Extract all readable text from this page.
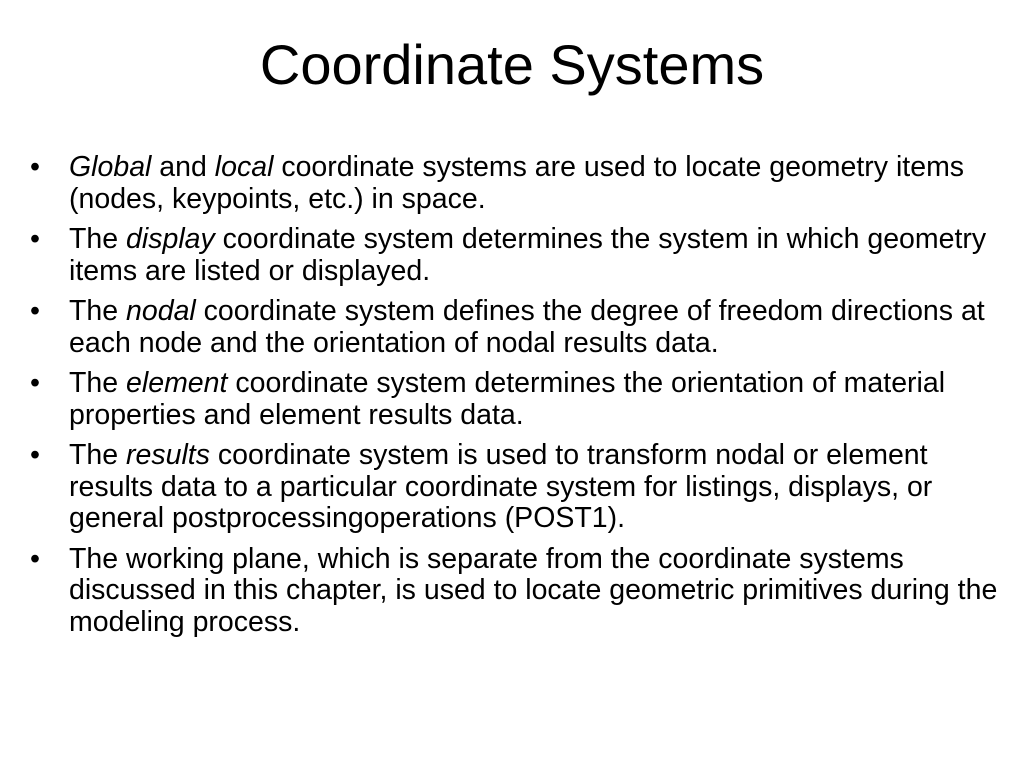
Coordinate Systems
•	Global and local coordinate systems are used to locate geometry items (nodes, keypoints, etc.) in space.
•	The display coordinate system determines the system in which geometry items are listed or displayed.
•	The nodal coordinate system defines the degree of freedom directions at each node and the orientation of nodal results data.
•	The element coordinate system determines the orientation of material properties and element results data.
•	The results coordinate system is used to transform nodal or element results data to a particular coordinate system for listings, displays, or general postprocessingoperations (POST1).
•	The working plane, which is separate from the coordinate systems discussed in this chapter, is used to locate geometric primitives during the modeling process.
